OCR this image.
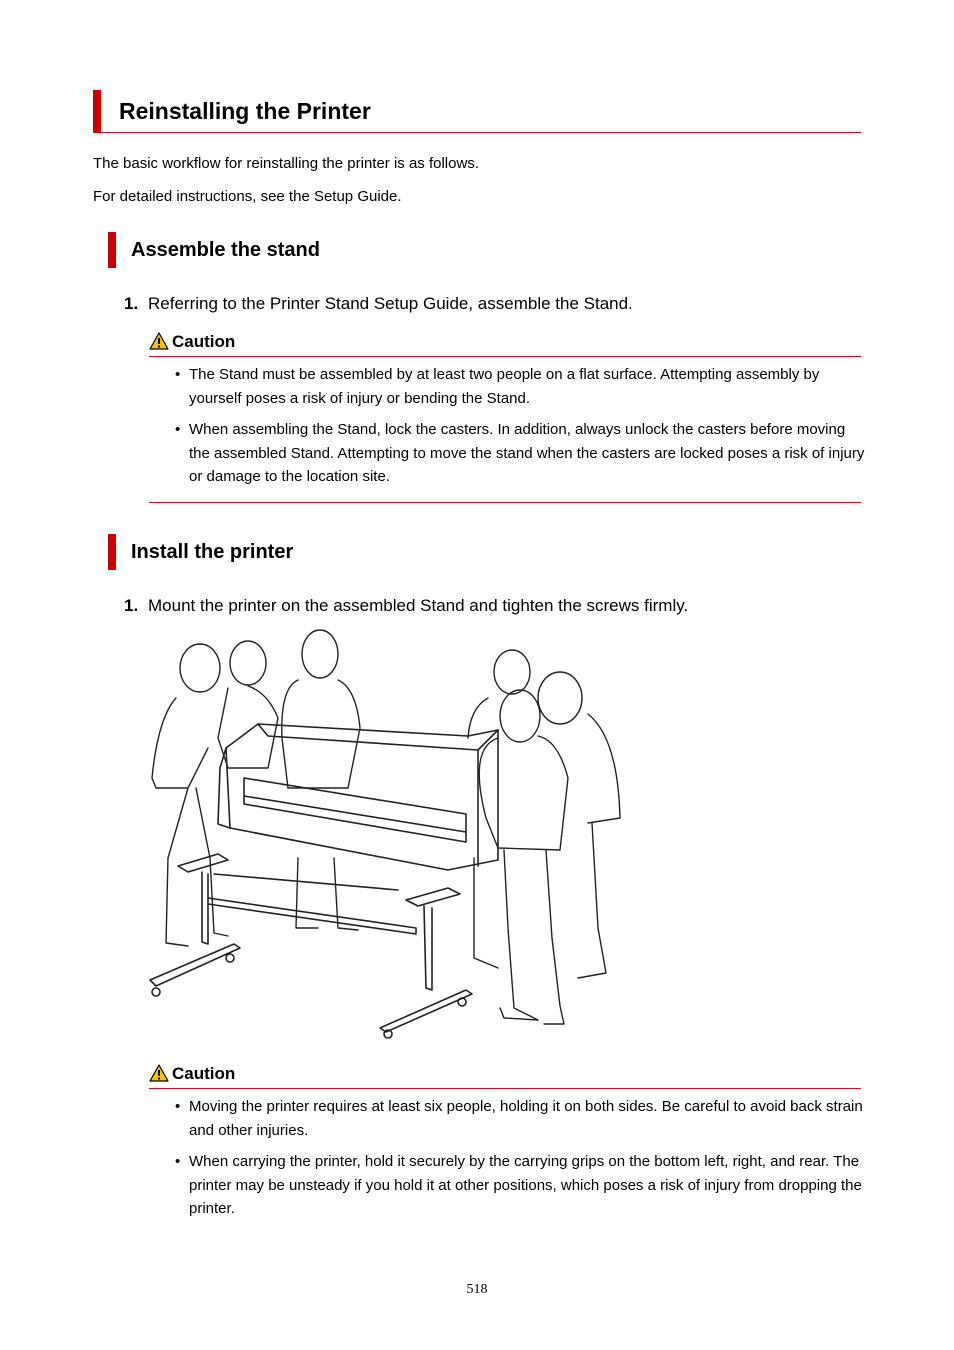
Reinstalling the Printer
The basic workflow for reinstalling the printer is as follows.
For detailed instructions, see the Setup Guide.
Assemble the stand
1. Referring to the Printer Stand Setup Guide, assemble the Stand.
Caution
• The Stand must be assembled by at least two people on a flat surface. Attempting assembly by yourself poses a risk of injury or bending the Stand.
• When assembling the Stand, lock the casters. In addition, always unlock the casters before moving the assembled Stand. Attempting to move the stand when the casters are locked poses a risk of injury or damage to the location site.
Install the printer
1. Mount the printer on the assembled Stand and tighten the screws firmly.
Caution
• Moving the printer requires at least six people, holding it on both sides. Be careful to avoid back strain and other injuries.
• When carrying the printer, hold it securely by the carrying grips on the bottom left, right, and rear. The printer may be unsteady if you hold it at other positions, which poses a risk of injury from dropping the printer.
518
